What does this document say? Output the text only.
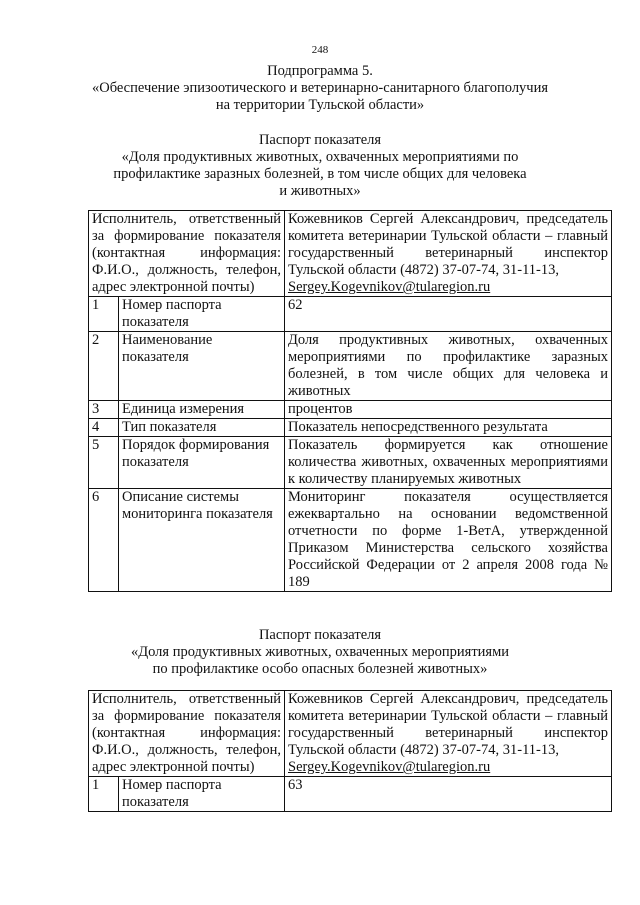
248
Подпрограмма 5.
«Обеспечение эпизоотического и ветеринарно-санитарного благополучия
на территории Тульской области»
Паспорт показателя
«Доля продуктивных животных, охваченных мероприятиями по
профилактике заразных болезней, в том числе общих для человека
и животных»
Исполнитель, ответственный за формирование показателя (контактная информация: Ф.И.О., должность, телефон, адрес электронной почты)		Кожевников Сергей Александрович, председатель комитета ветеринарии Тульской области – главный государственный ветеринарный инспектор Тульской области (4872) 37-07-74, 31-11-13,
Sergey.Kogevnikov@tularegion.ru

1	Номер паспорта показателя	62
2	Наименование показателя	Доля продуктивных животных, охваченных мероприятиями по профилактике заразных болезней, в том числе общих для человека и животных
3	Единица измерения	процентов
4	Тип показателя	Показатель непосредственного результата
5	Порядок формирования показателя	Показатель формируется как отношение количества животных, охваченных мероприятиями к количеству планируемых животных
6	Описание системы мониторинга показателя	Мониторинг показателя осуществляется ежеквартально на основании ведомственной отчетности по форме 1-ВетА, утвержденной Приказом Министерства сельского хозяйства Российской Федерации от 2 апреля 2008 года № 189
Паспорт показателя
«Доля продуктивных животных, охваченных мероприятиями
по профилактике особо опасных болезней животных»
Исполнитель, ответственный за формирование показателя (контактная информация: Ф.И.О., должность, телефон, адрес электронной почты)		Кожевников Сергей Александрович, председатель комитета ветеринарии Тульской области – главный государственный ветеринарный инспектор Тульской области (4872) 37-07-74, 31-11-13,
Sergey.Kogevnikov@tularegion.ru

1	Номер паспорта показателя	63
